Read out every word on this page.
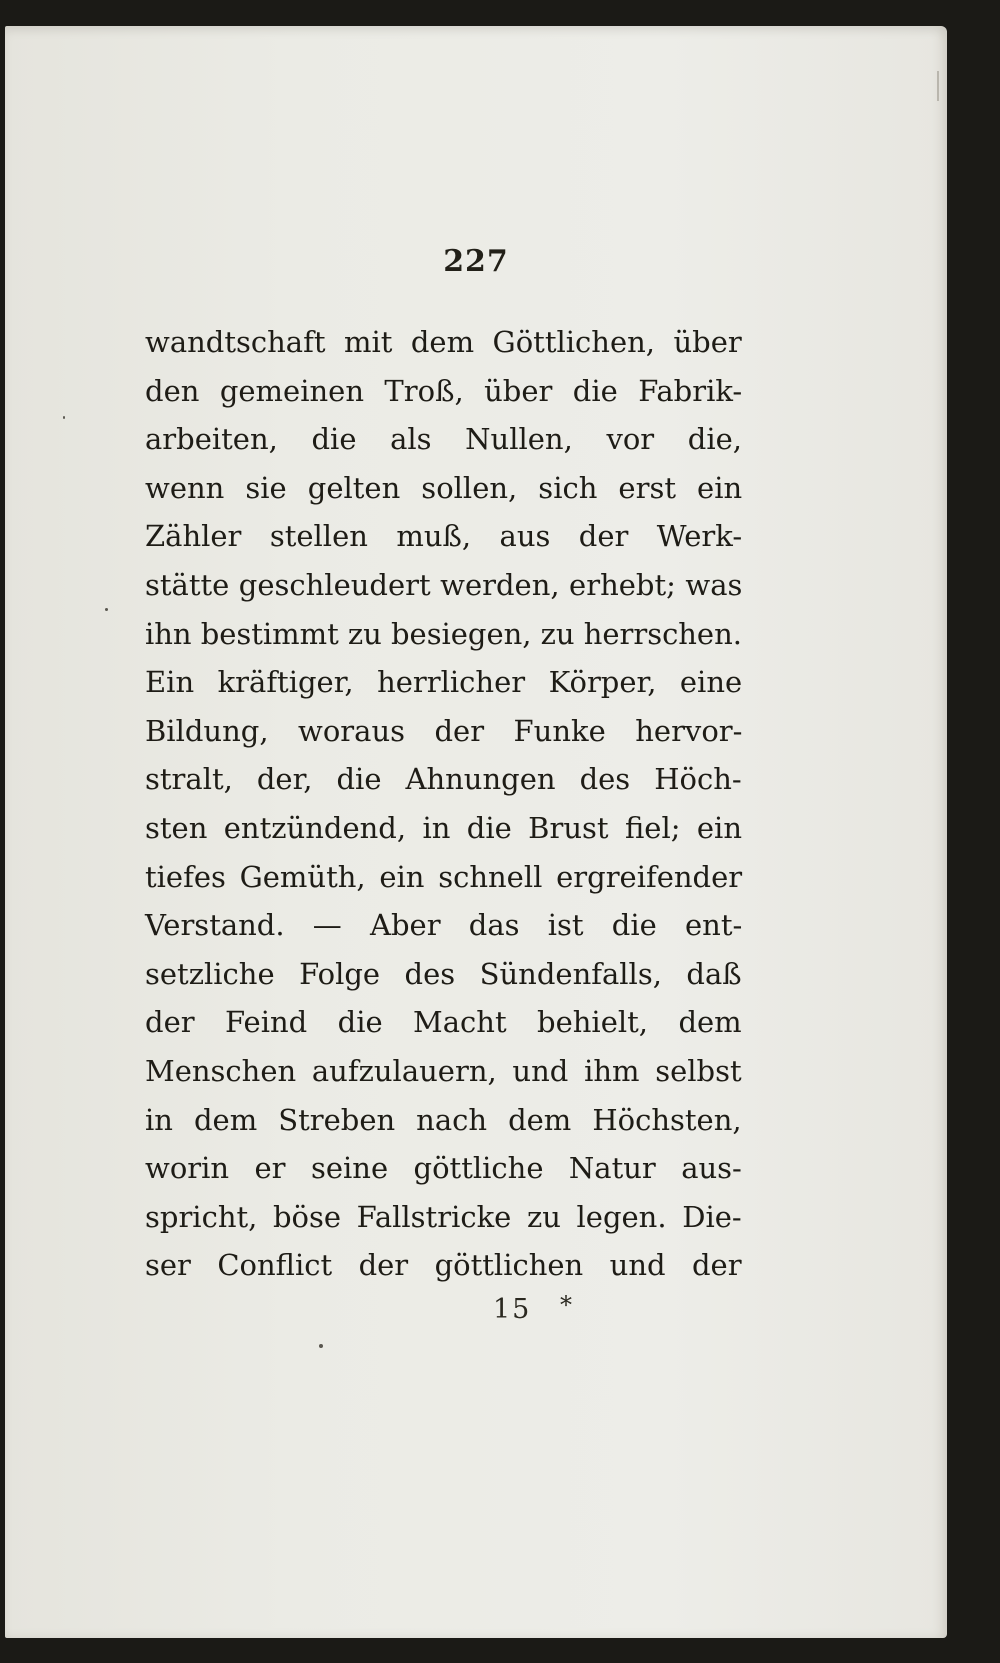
227
wandtschaft mit dem Göttlichen, über
den gemeinen Troß, über die Fabrik-
arbeiten, die als Nullen, vor die,
wenn sie gelten sollen, sich erst ein
Zähler stellen muß, aus der Werk-
stätte geschleudert werden, erhebt; was
ihn bestimmt zu besiegen, zu herrschen.
Ein kräftiger, herrlicher Körper, eine
Bildung, woraus der Funke hervor-
stralt, der, die Ahnungen des Höch-
sten entzündend, in die Brust fiel; ein
tiefes Gemüth, ein schnell ergreifender
Verstand. — Aber das ist die ent-
setzliche Folge des Sündenfalls, daß
der Feind die Macht behielt, dem
Menschen aufzulauern, und ihm selbst
in dem Streben nach dem Höchsten,
worin er seine göttliche Natur aus-
spricht, böse Fallstricke zu legen. Die-
ser Conflict der göttlichen und der
15 *
